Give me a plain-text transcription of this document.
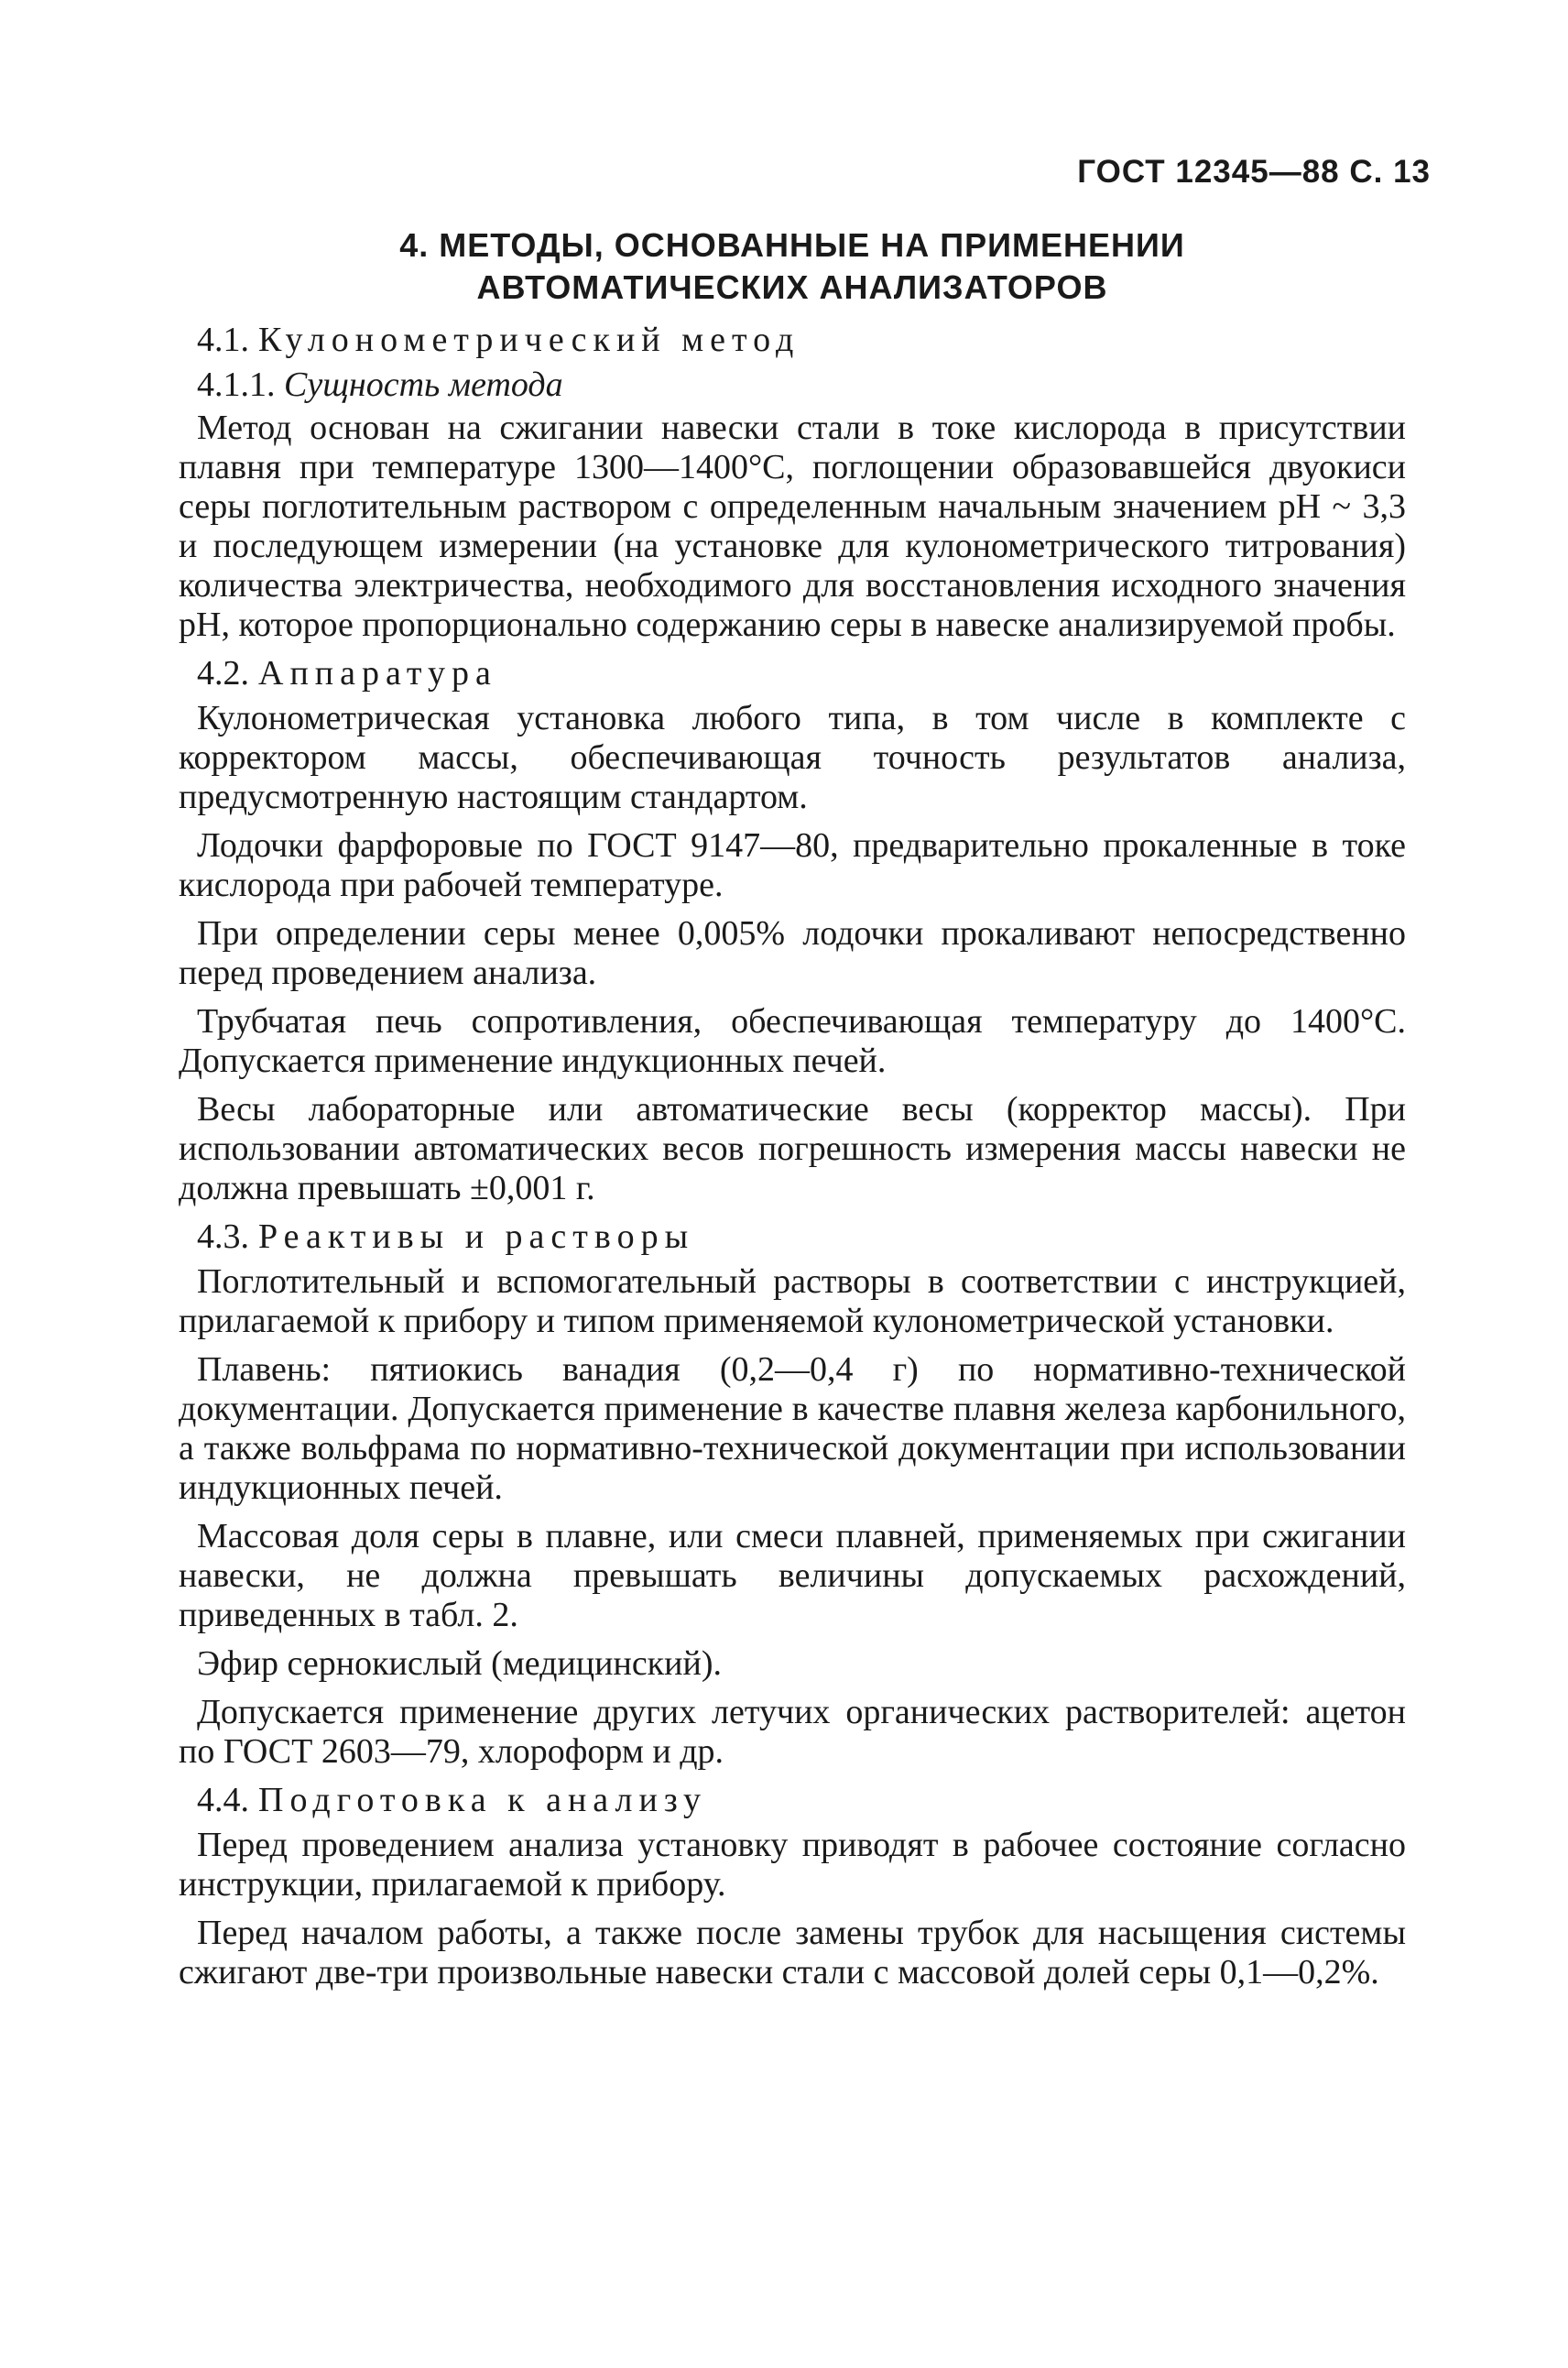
ГОСТ 12345—88 С. 13
4. МЕТОДЫ, ОСНОВАННЫЕ НА ПРИМЕНЕНИИ
АВТОМАТИЧЕСКИХ АНАЛИЗАТОРОВ
4.1. Кулонометрический метод
4.1.1. Сущность метода

Метод основан на сжигании навески стали в токе кислорода в присутствии плавня при температуре 1300—1400°С, поглощении образовавшейся двуокиси серы поглотительным раствором с определенным начальным значением pH ~ 3,3 и последующем измерении (на установке для кулонометрического титрования) количества электричества, необходимого для восстановления исходного значения pH, которое пропорционально содержанию серы в навеске анализируемой пробы.

4.2. Аппаратура

Кулонометрическая установка любого типа, в том числе в комплекте с корректором массы, обеспечивающая точность результатов анализа, предусмотренную настоящим стандартом.

Лодочки фарфоровые по ГОСТ 9147—80, предварительно прокаленные в токе кислорода при рабочей температуре.

При определении серы менее 0,005% лодочки прокаливают непосредственно перед проведением анализа.

Трубчатая печь сопротивления, обеспечивающая температуру до 1400°С. Допускается применение индукционных печей.

Весы лабораторные или автоматические весы (корректор массы). При использовании автоматических весов погрешность измерения массы навески не должна превышать ±0,001 г.

4.3. Реактивы и растворы

Поглотительный и вспомогательный растворы в соответствии с инструкцией, прилагаемой к прибору и типом применяемой кулонометрической установки.

Плавень: пятиокись ванадия (0,2—0,4 г) по нормативно-технической документации. Допускается применение в качестве плавня железа карбонильного, а также вольфрама по нормативно-технической документации при использовании индукционных печей.

Массовая доля серы в плавне, или смеси плавней, применяемых при сжигании навески, не должна превышать величины допускаемых расхождений, приведенных в табл. 2.

Эфир сернокислый (медицинский).

Допускается применение других летучих органических растворителей: ацетон по ГОСТ 2603—79, хлороформ и др.

4.4. Подготовка к анализу

Перед проведением анализа установку приводят в рабочее состояние согласно инструкции, прилагаемой к прибору.

Перед началом работы, а также после замены трубок для насыщения системы сжигают две-три произвольные навески стали с массовой долей серы 0,1—0,2%.
